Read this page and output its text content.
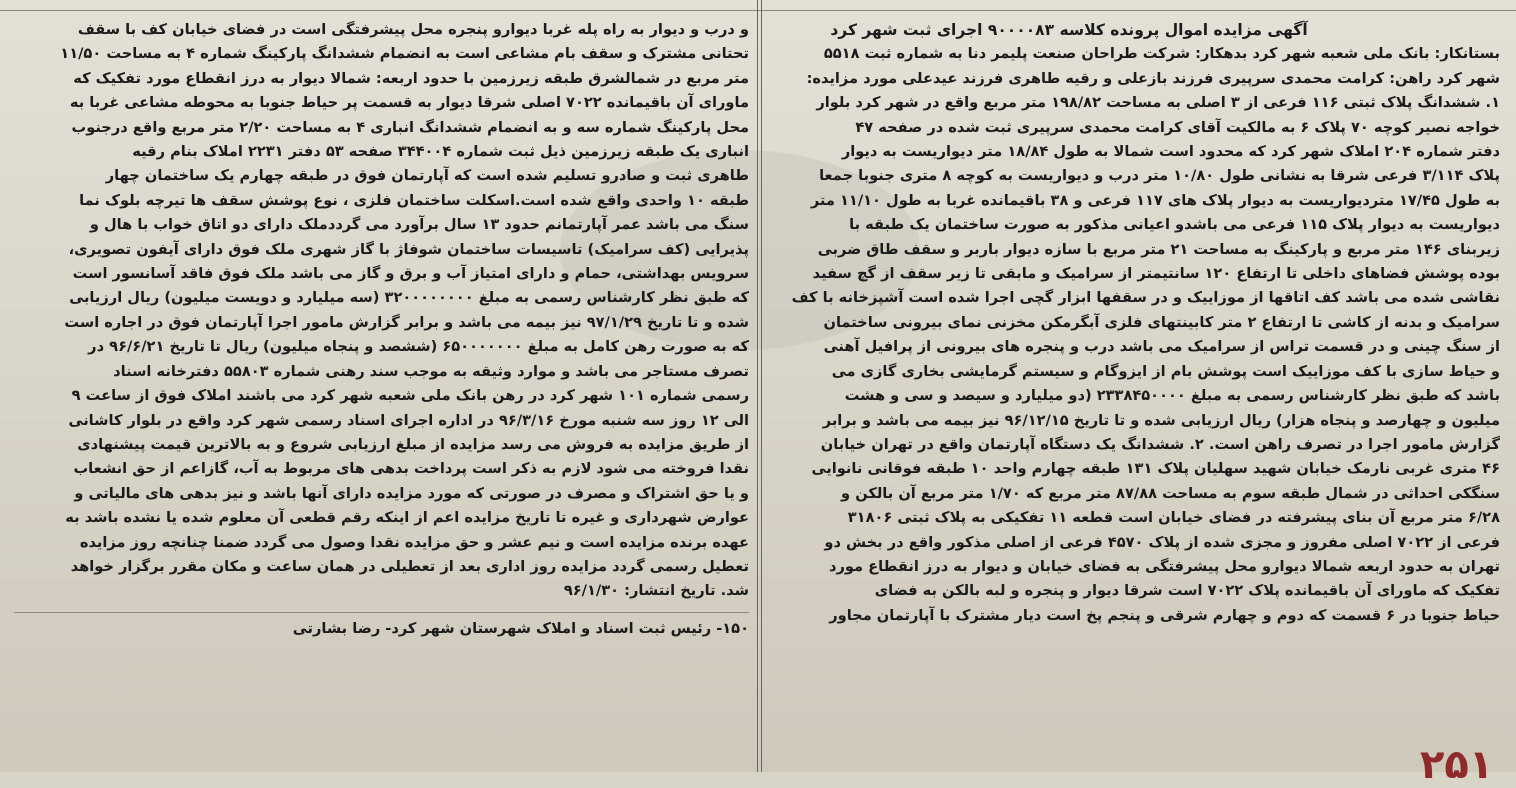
آگهی مزایده اموال پرونده کلاسه ۹۰۰۰۰۸۳ اجرای ثبت شهر کرد

بستانکار: بانک ملی شعبه شهر کرد بدهکار: شرکت طراحان صنعت پلیمر دنا به شماره ثبت ۵۵۱۸

شهر کرد راهن: کرامت محمدی سرپیری فرزند بازعلی و رقیه طاهری فرزند عیدعلی مورد مزایده:

۱. ششدانگ پلاک ثبتی ۱۱۶ فرعی از ۳ اصلی به مساحت ۱۹۸/۸۲ متر مربع واقع در شهر کرد بلوار

خواجه نصیر کوچه ۷۰ پلاک ۶ به مالکیت آقای کرامت محمدی سرپیری ثبت شده در صفحه ۴۷

دفتر شماره ۲۰۴ املاک شهر کرد که محدود است شمالا به طول ۱۸/۸۴ متر دیواریست به دیوار

پلاک ۳/۱۱۴ فرعی شرقا به نشانی طول ۱۰/۸۰ متر درب و دیواریست به کوچه ۸ متری جنوبا جمعا

به طول ۱۷/۴۵ متردیواریست به دیوار پلاک های ۱۱۷ فرعی و ۳۸ باقیمانده غربا به طول ۱۱/۱۰ متر

دیواریست به دیوار پلاک ۱۱۵ فرعی می باشدو اعیانی مذکور به صورت ساختمان یک طبقه با

زیربنای ۱۴۶ متر مربع و پارکینگ به مساحت ۲۱ متر مربع با سازه دیوار باربر و سقف طاق ضربی

بوده پوشش فضاهای داخلی تا ارتفاع ۱۲۰ سانتیمتر از سرامیک و مابقی تا زیر سقف از گچ سفید

نقاشی شده می باشد کف اتاقها از موزاییک و در سقفها ابزار گچی اجرا شده است آشپزخانه با کف

سرامیک و بدنه از کاشی تا ارتفاع ۲ متر کابینتهای فلزی آبگرمکن مخزنی نمای بیرونی ساختمان

از سنگ چینی و در قسمت تراس از سرامیک می باشد درب و پنجره های بیرونی از پرافیل آهنی

و حیاط سازی با کف موزاییک است پوشش بام از ایزوگام و سیستم گرمایشی بخاری گازی می

باشد که طبق نظر کارشناس رسمی به مبلغ ۲۳۳۸۴۵۰۰۰۰ (دو میلیارد و سیصد و سی و هشت

میلیون و چهارصد و پنجاه هزار) ریال ارزیابی شده و تا تاریخ ۹۶/۱۲/۱۵ نیز بیمه می باشد و برابر

گزارش مامور اجرا در تصرف راهن است. ۲. ششدانگ یک دستگاه آپارتمان واقع در تهران خیابان

۴۶ متری غربی نارمک خیابان شهید سهلیان پلاک ۱۳۱ طبقه چهارم واحد ۱۰ طبقه فوقانی نانوایی

سنگکی احداثی در شمال طبقه سوم به مساحت ۸۷/۸۸ متر مربع که ۱/۷۰ متر مربع آن بالکن و

۶/۲۸ متر مربع آن بنای پیشرفته در فضای خیابان است قطعه ۱۱ تفکیکی به پلاک ثبتی ۳۱۸۰۶

فرعی از ۷۰۲۲ اصلی مفروز و مجزی شده از پلاک ۴۵۷۰ فرعی از اصلی مذکور واقع در بخش دو

تهران به حدود اربعه شمالا دیوارو محل پیشرفتگی به فضای خیابان و دیوار به درز انقطاع مورد

تفکیک که ماورای آن باقیمانده پلاک ۷۰۲۲ است شرقا دیوار و پنجره و لبه بالکن به فضای

حیاط جنوبا در ۶ قسمت که دوم و چهارم شرقی و پنجم پخ است دیار مشترک با آپارتمان مجاور

و درب و دیوار به راه پله غربا دیوارو پنجره محل پیشرفتگی است در فضای خیابان کف با سقف

تحتانی مشترک و سقف بام مشاعی است به انضمام ششدانگ پارکینگ شماره ۴ به مساحت ۱۱/۵۰

متر مربع در شمالشرق طبقه زیرزمین با حدود اربعه: شمالا دیوار به درز انقطاع مورد تفکیک که

ماورای آن باقیمانده ۷۰۲۲ اصلی شرقا دیوار به قسمت پر حیاط جنوبا به محوطه مشاعی غربا به

محل پارکینگ شماره سه و به انضمام ششدانگ انباری ۴ به مساحت ۲/۲۰ متر مربع واقع درجنوب

انباری یک طبقه زیرزمین ذیل ثبت شماره ۳۴۴۰۰۴ صفحه ۵۳ دفتر ۲۲۳۱ املاک بنام رقیه

طاهری ثبت و صادرو تسلیم شده است که آپارتمان فوق در طبقه چهارم یک ساختمان چهار

طبقه ۱۰ واحدی واقع شده است.اسکلت ساختمان فلزی ، نوع پوشش سقف ها تیرچه بلوک نما

سنگ می باشد عمر آپارتمانم حدود ۱۳ سال برآورد می گرددملک دارای دو اتاق خواب با هال و

پذیرایی (کف سرامیک) تاسیسات ساختمان شوفاژ با گاز شهری ملک فوق دارای آیفون تصویری،

سرویس بهداشتی، حمام و دارای امتیاز آب و برق و گاز می باشد ملک فوق فاقد آسانسور است

که طبق نظر کارشناس رسمی به مبلغ ۳۲۰۰۰۰۰۰۰۰ (سه میلیارد و دویست میلیون) ریال ارزیابی

شده و تا تاریخ ۹۷/۱/۲۹ نیز بیمه می باشد و برابر گزارش مامور اجرا آپارتمان فوق در اجاره است

که به صورت رهن کامل به مبلغ ۶۵۰۰۰۰۰۰۰ (ششصد و پنجاه میلیون) ریال تا تاریخ ۹۶/۶/۲۱ در

تصرف مستاجر می باشد و موارد وثیقه به موجب سند رهنی شماره ۵۵۸۰۳ دفترخانه اسناد

رسمی شماره ۱۰۱ شهر کرد در رهن بانک ملی شعبه شهر کرد می باشند املاک فوق از ساعت ۹

الی ۱۲ روز سه شنبه مورخ ۹۶/۳/۱۶ در اداره اجرای اسناد رسمی شهر کرد واقع در بلوار کاشانی

از طریق مزایده به فروش می رسد مزایده از مبلغ ارزیابی شروع و به بالاترین قیمت پیشنهادی

نقدا فروخته می شود لازم به ذکر است پرداخت بدهی های مربوط به آب، گازاعم از حق انشعاب

و یا حق اشتراک و مصرف در صورتی که مورد مزایده دارای آنها باشد و نیز بدهی های مالیاتی و

عوارض شهرداری و غیره تا تاریخ مزایده اعم از اینکه رقم قطعی آن معلوم شده یا نشده باشد به

عهده برنده مزایده است و نیم عشر و حق مزایده نقدا وصول می گردد ضمنا چنانچه روز مزایده

تعطیل رسمی گردد مزایده روز اداری بعد از تعطیلی در همان ساعت و مکان مقرر برگزار خواهد

شد. تاریخ انتشار: ۹۶/۱/۳۰

۱۵۰- رئیس ثبت اسناد و املاک شهرستان شهر کرد- رضا بشارتی

۲۵۱
